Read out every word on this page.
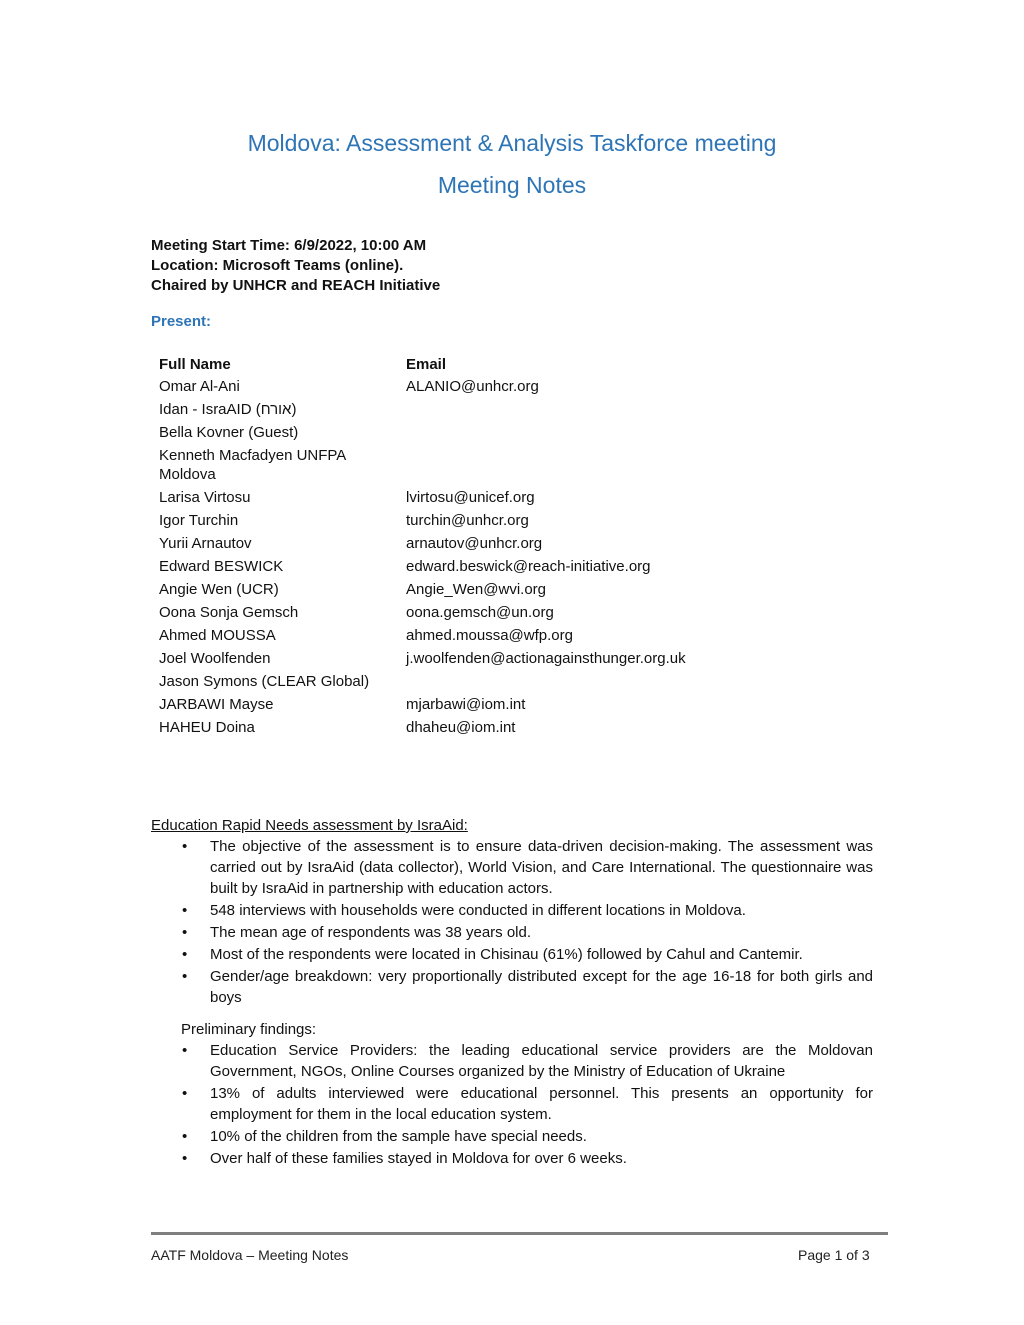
Moldova: Assessment & Analysis Taskforce meeting
Meeting Notes
Meeting Start Time: 6/9/2022, 10:00 AM
Location: Microsoft Teams (online).
Chaired by UNHCR and REACH Initiative
Present:
Full Name	Email
Omar Al-Ani	ALANIO@unhcr.org
Idan - IsraAID (אורח)	
Bella Kovner (Guest)	
Kenneth Macfadyen UNFPA Moldova	
Larisa Virtosu	lvirtosu@unicef.org
Igor Turchin	turchin@unhcr.org
Yurii Arnautov	arnautov@unhcr.org
Edward BESWICK	edward.beswick@reach-initiative.org
Angie Wen (UCR)	Angie_Wen@wvi.org
Oona Sonja Gemsch	oona.gemsch@un.org
Ahmed MOUSSA	ahmed.moussa@wfp.org
Joel Woolfenden	j.woolfenden@actionagainsthunger.org.uk
Jason Symons (CLEAR Global)	
JARBAWI Mayse	mjarbawi@iom.int
HAHEU Doina	dhaheu@iom.int
Education Rapid Needs assessment by IsraAid:
• The objective of the assessment is to ensure data-driven decision-making. The assessment was carried out by IsraAid (data collector), World Vision, and Care International. The questionnaire was built by IsraAid in partnership with education actors.
• 548 interviews with households were conducted in different locations in Moldova.
• The mean age of respondents was 38 years old.
• Most of the respondents were located in Chisinau (61%) followed by Cahul and Cantemir.
• Gender/age breakdown: very proportionally distributed except for the age 16-18 for both girls and boys
Preliminary findings:
• Education Service Providers: the leading educational service providers are the Moldovan Government, NGOs, Online Courses organized by the Ministry of Education of Ukraine
• 13% of adults interviewed were educational personnel. This presents an opportunity for employment for them in the local education system.
• 10% of the children from the sample have special needs.
• Over half of these families stayed in Moldova for over 6 weeks.
AATF Moldova – Meeting Notes	Page 1 of 3
